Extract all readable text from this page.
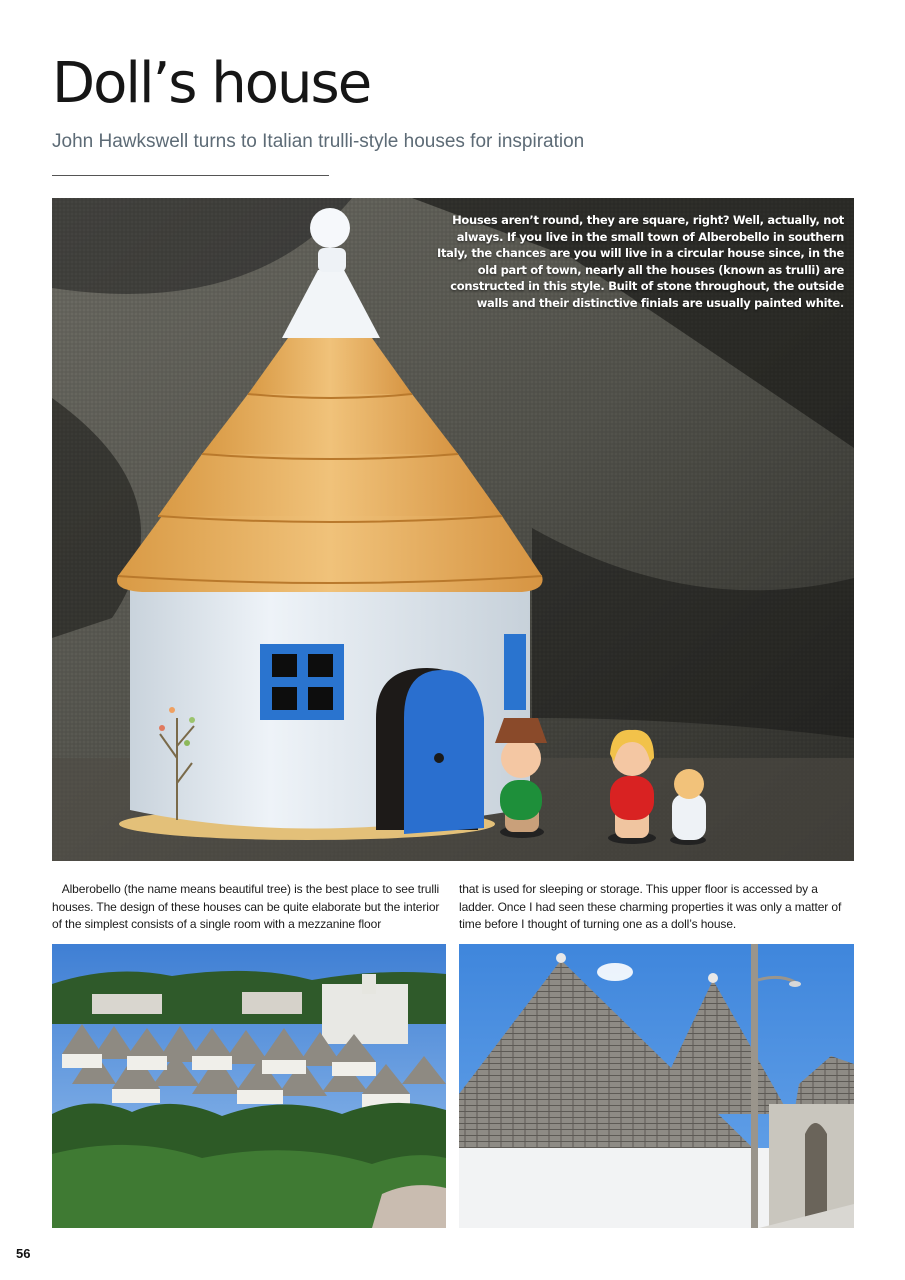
Doll’s house

John Hawkswell turns to Italian trulli-style houses for inspiration

Houses aren’t round, they are square, right? Well, actually, not always. If you live in the small town of Alberobello in southern Italy, the chances are you will live in a circular house since, in the old part of town, nearly all the houses (known as trulli) are constructed in this style. Built of stone throughout, the outside walls and their distinctive finials are usually painted white.

Alberobello (the name means beautiful tree) is the best place to see trulli houses. The design of these houses can be quite elaborate but the interior of the simplest consists of a single room with a mezzanine floor

that is used for sleeping or storage. This upper floor is accessed by a ladder. Once I had seen these charming properties it was only a matter of time before I thought of turning one as a doll’s house.

56
